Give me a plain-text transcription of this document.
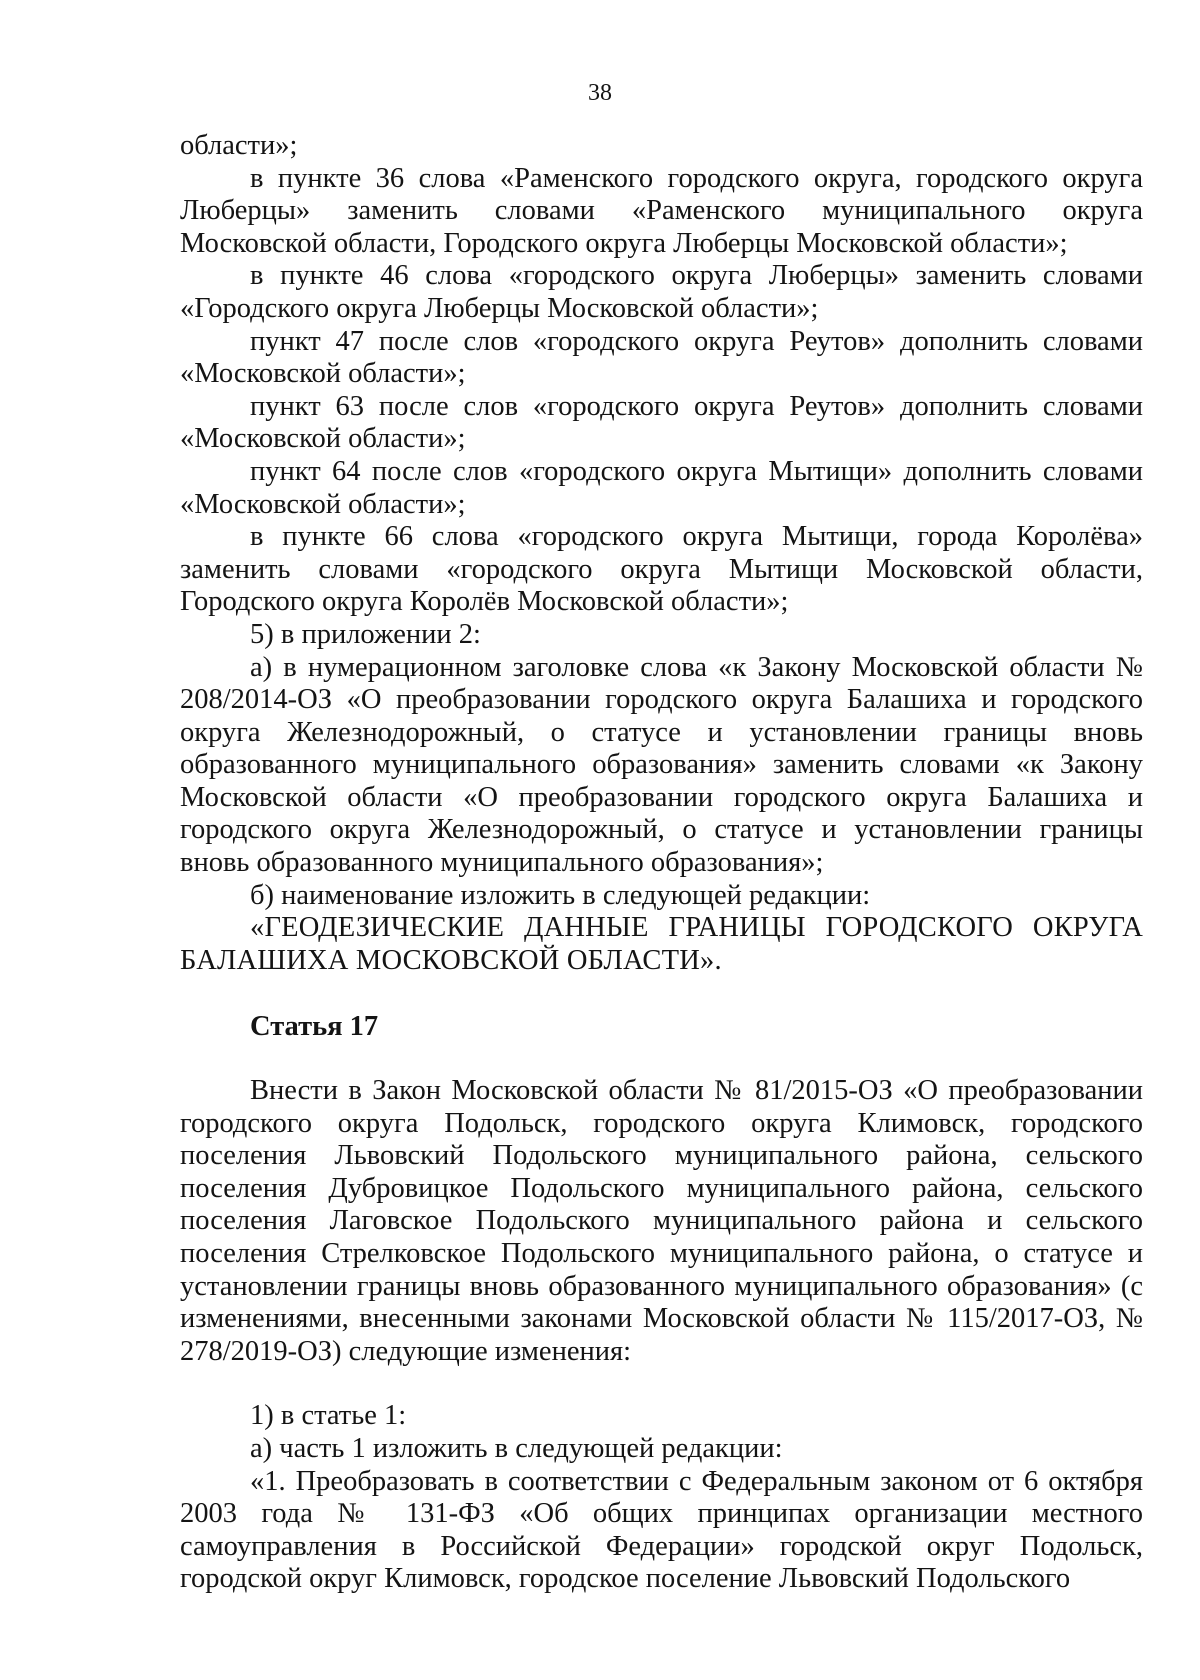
38

области»;

в пункте 36 слова «Раменского городского округа, городского округа Люберцы» заменить словами «Раменского муниципального округа Московской области, Городского округа Люберцы Московской области»;

в пункте 46 слова «городского округа Люберцы» заменить словами «Городского округа Люберцы Московской области»;

пункт 47 после слов «городского округа Реутов» дополнить словами «Московской области»;

пункт 63 после слов «городского округа Реутов» дополнить словами «Московской области»;

пункт 64 после слов «городского округа Мытищи» дополнить словами «Московской области»;

в пункте 66 слова «городского округа Мытищи, города Королёва» заменить словами «городского округа Мытищи Московской области, Городского округа Королёв Московской области»;

5) в приложении 2:

а) в нумерационном заголовке слова «к Закону Московской области № 208/2014-ОЗ «О преобразовании городского округа Балашиха и городского округа Железнодорожный, о статусе и установлении границы вновь образованного муниципального образования» заменить словами «к Закону Московской области «О преобразовании городского округа Балашиха и городского округа Железнодорожный, о статусе и установлении границы вновь образованного муниципального образования»;

б) наименование изложить в следующей редакции:

«ГЕОДЕЗИЧЕСКИЕ ДАННЫЕ ГРАНИЦЫ ГОРОДСКОГО ОКРУГА БАЛАШИХА МОСКОВСКОЙ ОБЛАСТИ».

Статья 17

Внести в Закон Московской области № 81/2015-ОЗ «О преобразовании городского округа Подольск, городского округа Климовск, городского поселения Львовский Подольского муниципального района, сельского поселения Дубровицкое Подольского муниципального района, сельского поселения Лаговское Подольского муниципального района и сельского поселения Стрелковское Подольского муниципального района, о статусе и установлении границы вновь образованного муниципального образования» (с изменениями, внесенными законами Московской области № 115/2017-ОЗ, № 278/2019-ОЗ) следующие изменения:

1) в статье 1:

а) часть 1 изложить в следующей редакции:

«1. Преобразовать в соответствии с Федеральным законом от 6 октября 2003 года № 131-ФЗ «Об общих принципах организации местного самоуправления в Российской Федерации» городской округ Подольск, городской округ Климовск, городское поселение Львовский Подольского
